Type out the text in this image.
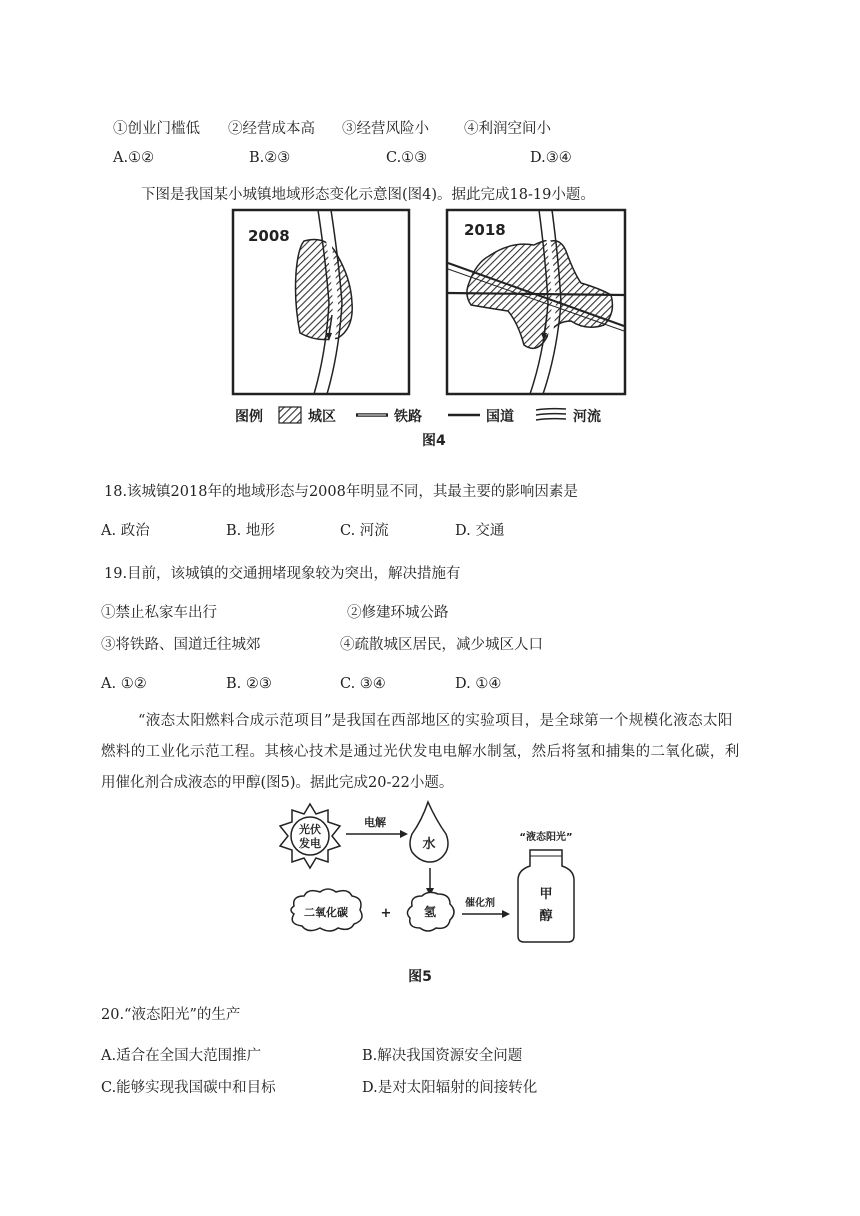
①创业门槛低 ②经营成本高 ③经营风险小 ④利润空间小
A.①②	B.②③	C.①③	D.③④
下图是我国某小城镇地域形态变化示意图(图4)。据此完成18-19小题。
2008	2018
图例	城区	铁路	国道	河流
图4
18.该城镇2018年的地域形态与2008年明显不同，其最主要的影响因素是
A. 政治	B. 地形	C. 河流	D. 交通
19.目前，该城镇的交通拥堵现象较为突出，解决措施有
①禁止私家车出行	②修建环城公路
③将铁路、国道迁往城郊	④疏散城区居民，减少城区人口
A. ①②	B. ②③	C. ③④	D. ①④
“液态太阳燃料合成示范项目”是我国在西部地区的实验项目，是全球第一个规模化液态太阳
燃料的工业化示范工程。其核心技术是通过光伏发电电解水制氢，然后将氢和捕集的二氧化碳，利
用催化剂合成液态的甲醇(图5)。据此完成20-22小题。
光伏
发电
电解
水
二氧化碳	+	氢
催化剂
“液态阳光”
甲
醇
图5
20.“液态阳光”的生产
A.适合在全国大范围推广	B.解决我国资源安全问题
C.能够实现我国碳中和目标	D.是对太阳辐射的间接转化
